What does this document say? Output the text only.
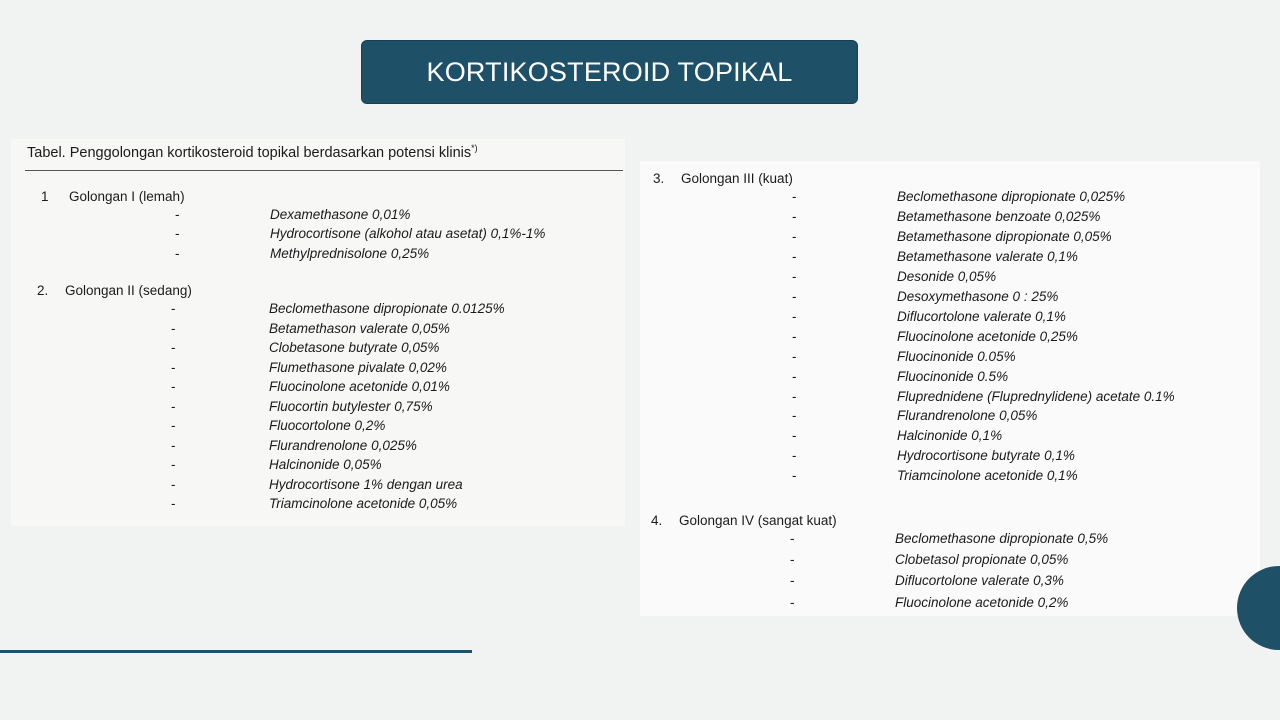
KORTIKOSTEROID TOPIKAL
Tabel. Penggolongan kortikosteroid topikal berdasarkan potensi klinis*)
1 Golongan I (lemah)
-	Dexamethasone 0,01%
-	Hydrocortisone (alkohol atau asetat) 0,1%-1%
-	Methylprednisolone 0,25%
2. Golongan II (sedang)
-	Beclomethasone dipropionate 0.0125%
-	Betamethason valerate 0,05%
-	Clobetasone butyrate 0,05%
-	Flumethasone pivalate 0,02%
-	Fluocinolone acetonide 0,01%
-	Fluocortin butylester 0,75%
-	Fluocortolone 0,2%
-	Flurandrenolone 0,025%
-	Halcinonide 0,05%
-	Hydrocortisone 1% dengan urea
-	Triamcinolone acetonide 0,05%
3. Golongan III (kuat)
-	Beclomethasone dipropionate 0,025%
-	Betamethasone benzoate 0,025%
-	Betamethasone dipropionate 0,05%
-	Betamethasone valerate 0,1%
-	Desonide 0,05%
-	Desoxymethasone 0 : 25%
-	Diflucortolone valerate 0,1%
-	Fluocinolone acetonide 0,25%
-	Fluocinonide 0.05%
-	Fluocinonide 0.5%
-	Fluprednidene (Fluprednylidene) acetate 0.1%
-	Flurandrenolone 0,05%
-	Halcinonide 0,1%
-	Hydrocortisone butyrate 0,1%
-	Triamcinolone acetonide 0,1%
4. Golongan IV (sangat kuat)
-	Beclomethasone dipropionate 0,5%
-	Clobetasol propionate 0,05%
-	Diflucortolone valerate 0,3%
-	Fluocinolone acetonide 0,2%
